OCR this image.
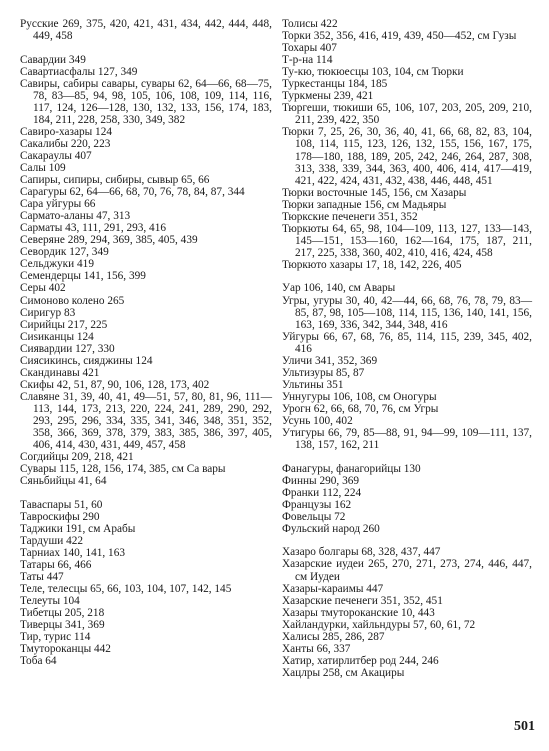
Русские 269, 375, 420, 421, 431, 434, 442, 444, 448, 449, 458
Савардии 349
Савартиасфалы 127, 349
Савиры, сабиры савары, сувары 62, 64—66, 68—75, 78, 83—85, 94, 98, 105, 106, 108, 109, 114, 116, 117, 124, 126—128, 130, 132, 133, 156, 174, 183, 184, 211, 228, 258, 330, 349, 382
Савиро-хазары 124
Сакалибы 220, 223
Сакарaулы 407
Салы 109
Сапиры, сипиры, сибиры, сывыр 65, 66
Сарагуры 62, 64—66, 68, 70, 76, 78, 84, 87, 344
Сара уйгуры 66
Сармато-аланы 47, 313
Сарматы 43, 111, 291, 293, 416
Северяне 289, 294, 369, 385, 405, 439
Севордик 127, 349
Сельджуки 419
Семендерцы 141, 156, 399
Серы 402
Симоново колено 265
Сиригур 83
Сирийцы 217, 225
Сиsиканцы 124
Сиявардии 127, 330
Сиясикинсь, сияджины 124
Скандинавы 421
Скифы 42, 51, 87, 90, 106, 128, 173, 402
Славяне 31, 39, 40, 41, 49—51, 57, 80, 81, 96, 111—113, 144, 173, 213, 220, 224, 241, 289, 290, 292, 293, 295, 296, 334, 335, 341, 346, 348, 351, 352, 358, 366, 369, 378, 379, 383, 385, 386, 397, 405, 406, 414, 430, 431, 449, 457, 458
Согдийцы 209, 218, 421
Сувары 115, 128, 156, 174, 385, см Са вары
Сяньбийцы 41, 64
Тавaспары 51, 60
Таврoскифы 290
Таджики 191, см Арабы
Тардуши 422
Тарниах 140, 141, 163
Татары 66, 466
Таты 447
Теле, телесцы 65, 66, 103, 104, 107, 142, 145
Телеуты 104
Тибетцы 205, 218
Тиверцы 341, 369
Тир, турис 114
Тмутороканцы 442
Тоба 64
Толисы 422
Торки 352, 356, 416, 419, 439, 450—452, см Гузы
Тохары 407
Т-р-на 114
Ту-кю, тюкюесцы 103, 104, см Тюрки
Туркестанцы 184, 185
Туркмены 239, 421
Тюргеши, тюкиши 65, 106, 107, 203, 205, 209, 210, 211, 239, 422, 350
Тюрки 7, 25, 26, 30, 36, 40, 41, 66, 68, 82, 83, 104, 108, 114, 115, 123, 126, 132, 155, 156, 167, 175, 178—180, 188, 189, 205, 242, 246, 264, 287, 308, 313, 338, 339, 344, 363, 400, 406, 414, 417—419, 421, 422, 424, 431, 432, 438, 446, 448, 451
Тюрки восточные 145, 156, см Хазары
Тюрки западные 156, см Мадьяры
Тюркские печенеги 351, 352
Тюркюты 64, 65, 98, 104—109, 113, 127, 133—143, 145—151, 153—160, 162—164, 175, 187, 211, 217, 225, 338, 360, 402, 410, 416, 424, 458
Тюркюто хазары 17, 18, 142, 226, 405
Уар 106, 140, см Авары
Угры, угуры 30, 40, 42—44, 66, 68, 76, 78, 79, 83—85, 87, 98, 105—108, 114, 115, 136, 140, 141, 156, 163, 169, 336, 342, 344, 348, 416
Уйгуры 66, 67, 68, 76, 85, 114, 115, 239, 345, 402, 416
Уличи 341, 352, 369
Ультизуры 85, 87
Ультины 351
Уннугуры 106, 108, см Оногуры
Урогн 62, 66, 68, 70, 76, см Угры
Усунь 100, 402
Утигуры 66, 79, 85—88, 91, 94—99, 109—111, 137, 138, 157, 162, 211
Фанагуры, фанагорийцы 130
Финны 290, 369
Франки 112, 224
Французы 162
Фовельцы 72
Фульский народ 260
Хазаро болгары 68, 328, 437, 447
Хазарские иудеи 265, 270, 271, 273, 274, 446, 447, см Иудеи
Хазары-караимы 447
Хазарские печенеги 351, 352, 451
Хазары тмутороканские 10, 443
Хайландурки, хайльндуры 57, 60, 61, 72
Халисы 285, 286, 287
Ханты 66, 337
Хатир, хатирлитбер род 244, 246
Хацлры 258, см Акациры
501
